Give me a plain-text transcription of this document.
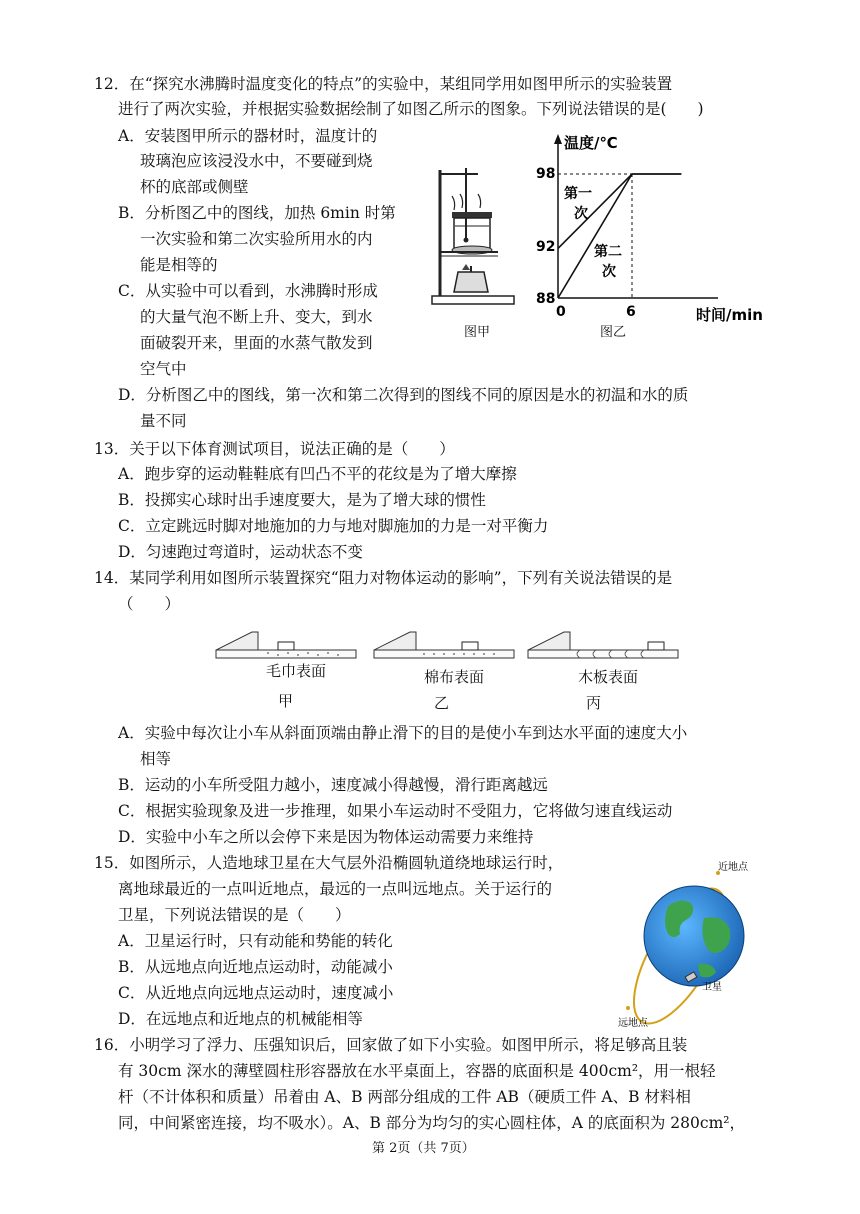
12．在“探究水沸腾时温度变化的特点”的实验中，某组同学用如图甲所示的实验装置
进行了两次实验，并根据实验数据绘制了如图乙所示的图象。下列说法错误的是(　　)
A．安装图甲所示的器材时，温度计的
玻璃泡应该浸没水中，不要碰到烧
杯的底部或侧壁
B．分析图乙中的图线，加热 6min 时第
一次实验和第二次实验所用水的内
能是相等的
C．从实验中可以看到，水沸腾时形成
的大量气泡不断上升、变大，到水
面破裂开来，里面的水蒸气散发到
空气中
D．分析图乙中的图线，第一次和第二次得到的图线不同的原因是水的初温和水的质
量不同
图甲
温度/℃
时间/min
0
98
92
88
6
第一
次
第二
次
图乙
13．关于以下体育测试项目，说法正确的是（　　）
A．跑步穿的运动鞋鞋底有凹凸不平的花纹是为了增大摩擦
B．投掷实心球时出手速度要大，是为了增大球的惯性
C．立定跳远时脚对地施加的力与地对脚施加的力是一对平衡力
D．匀速跑过弯道时，运动状态不变
14．某同学利用如图所示装置探究“阻力对物体运动的影响”，下列有关说法错误的是
（　　）
毛巾表面	棉布表面	木板表面
甲	乙	丙
A．实验中每次让小车从斜面顶端由静止滑下的目的是使小车到达水平面的速度大小
相等
B．运动的小车所受阻力越小，速度减小得越慢，滑行距离越远
C．根据实验现象及进一步推理，如果小车运动时不受阻力，它将做匀速直线运动
D．实验中小车之所以会停下来是因为物体运动需要力来维持
15．如图所示，人造地球卫星在大气层外沿椭圆轨道绕地球运行时，
离地球最近的一点叫近地点，最远的一点叫远地点。关于运行的
卫星，下列说法错误的是（　　）
A．卫星运行时，只有动能和势能的转化
B．从远地点向近地点运动时，动能减小
C．从近地点向远地点运动时，速度减小
D．在远地点和近地点的机械能相等
近地点
远地点
卫星
16．小明学习了浮力、压强知识后，回家做了如下小实验。如图甲所示，将足够高且装
有 30cm 深水的薄壁圆柱形容器放在水平桌面上，容器的底面积是 400cm²，用一根轻
杆（不计体积和质量）吊着由 A、B 两部分组成的工件 AB（硬质工件 A、B 材料相
同，中间紧密连接，均不吸水）。A、B 部分为均匀的实心圆柱体，A 的底面积为 280cm²，
第 2页（共 7页）
